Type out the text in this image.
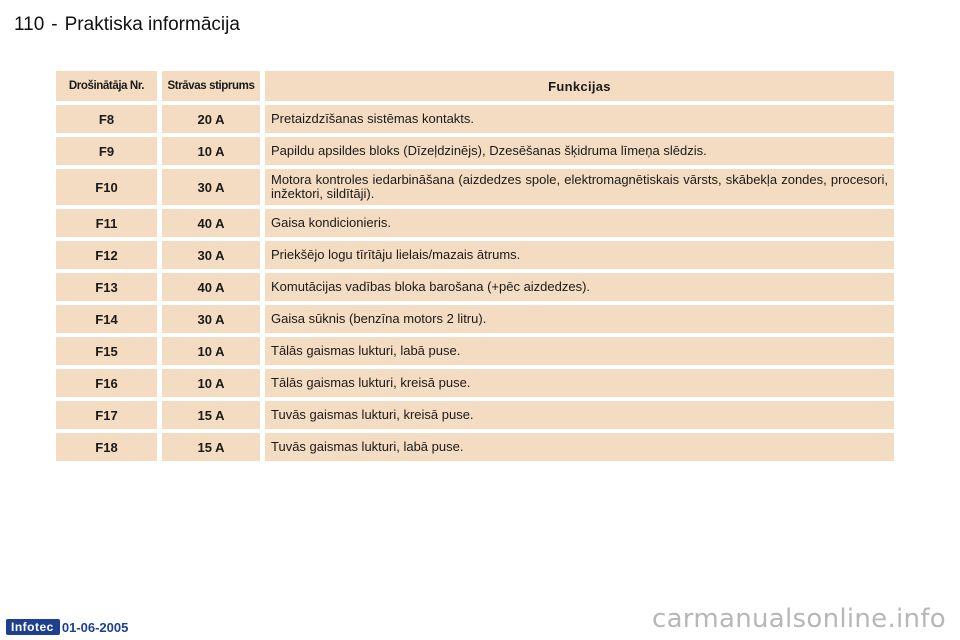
110 - Praktiska informācija
Drošinātāja Nr.	Strāvas stiprums	Funkcijas
F8	20 A	Pretaizdzīšanas sistēmas kontakts.
F9	10 A	Papildu apsildes bloks (Dīzeļdzinējs), Dzesēšanas šķidruma līmeņa slēdzis.
F10	30 A	Motora kontroles iedarbināšana (aizdedzes spole, elektromagnētiskais vārsts, skābekļa zondes, procesori, inžektori, sildītāji).
F11	40 A	Gaisa kondicionieris.
F12	30 A	Priekšējo logu tīrītāju lielais/mazais ātrums.
F13	40 A	Komutācijas vadības bloka barošana (+pēc aizdedzes).
F14	30 A	Gaisa sūknis (benzīna motors 2 litru).
F15	10 A	Tālās gaismas lukturi, labā puse.
F16	10 A	Tālās gaismas lukturi, kreisā puse.
F17	15 A	Tuvās gaismas lukturi, kreisā puse.
F18	15 A	Tuvās gaismas lukturi, labā puse.
Infotec 01-06-2005	carmanualsonline.info
